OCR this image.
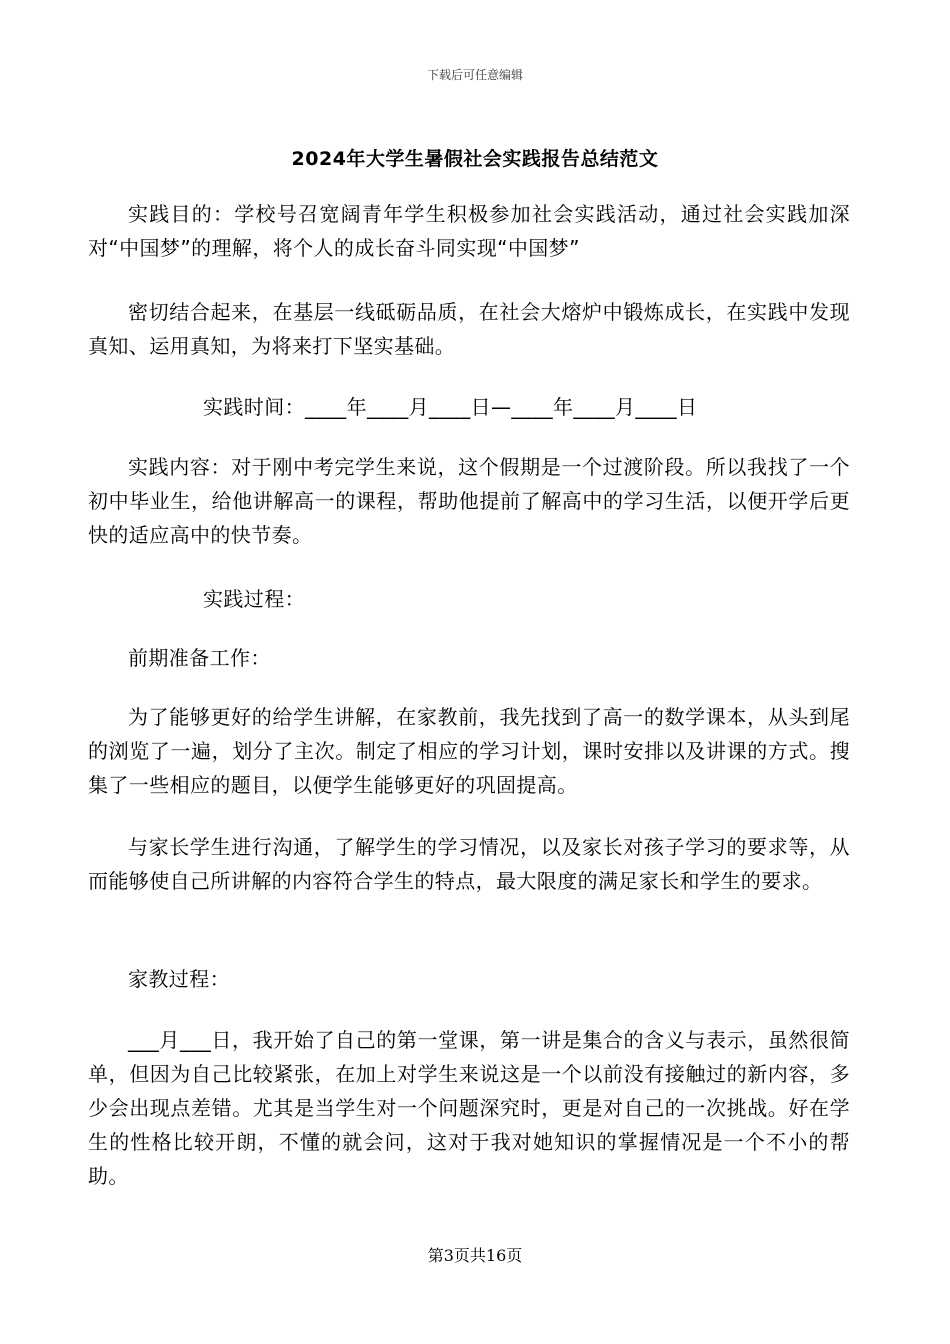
下载后可任意编辑
2024年大学生暑假社会实践报告总结范文
实践目的：学校号召宽阔青年学生积极参加社会实践活动，通过社会实践加深对“中国梦”的理解，将个人的成长奋斗同实现“中国梦”
密切结合起来，在基层一线砥砺品质，在社会大熔炉中锻炼成长，在实践中发现真知、运用真知，为将来打下坚实基础。
实践时间：____年____月____日—____年____月____日
实践内容：对于刚中考完学生来说，这个假期是一个过渡阶段。所以我找了一个初中毕业生，给他讲解高一的课程，帮助他提前了解高中的学习生活，以便开学后更快的适应高中的快节奏。
实践过程：
前期准备工作：
为了能够更好的给学生讲解，在家教前，我先找到了高一的数学课本，从头到尾的浏览了一遍，划分了主次。制定了相应的学习计划，课时安排以及讲课的方式。搜集了一些相应的题目，以便学生能够更好的巩固提高。
与家长学生进行沟通，了解学生的学习情况，以及家长对孩子学习的要求等，从而能够使自己所讲解的内容符合学生的特点，最大限度的满足家长和学生的要求。
家教过程：
___月___日，我开始了自己的第一堂课，第一讲是集合的含义与表示，虽然很简单，但因为自己比较紧张，在加上对学生来说这是一个以前没有接触过的新内容，多少会出现点差错。尤其是当学生对一个问题深究时，更是对自己的一次挑战。好在学生的性格比较开朗，不懂的就会问，这对于我对她知识的掌握情况是一个不小的帮助。
第3页共16页
